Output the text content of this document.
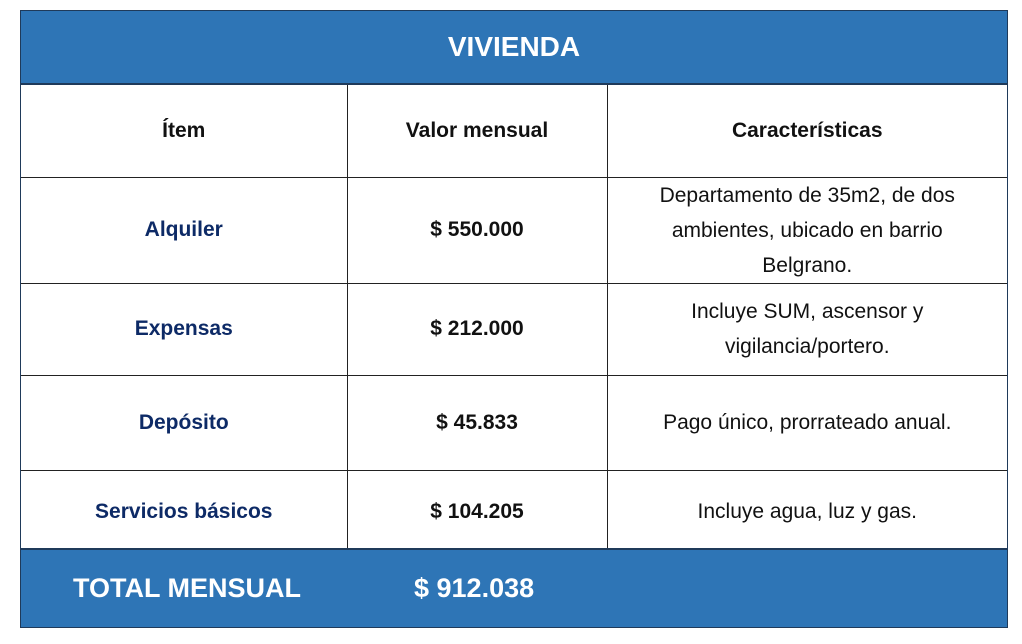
VIVIENDA
Ítem	Valor mensual	Características
Alquiler	$ 550.000	Departamento de 35m2, de dos ambientes, ubicado en barrio Belgrano.
Expensas	$ 212.000	Incluye SUM, ascensor y vigilancia/portero.
Depósito	$ 45.833	Pago único, prorrateado anual.
Servicios básicos	$ 104.205	Incluye agua, luz y gas.
TOTAL MENSUAL	$ 912.038
